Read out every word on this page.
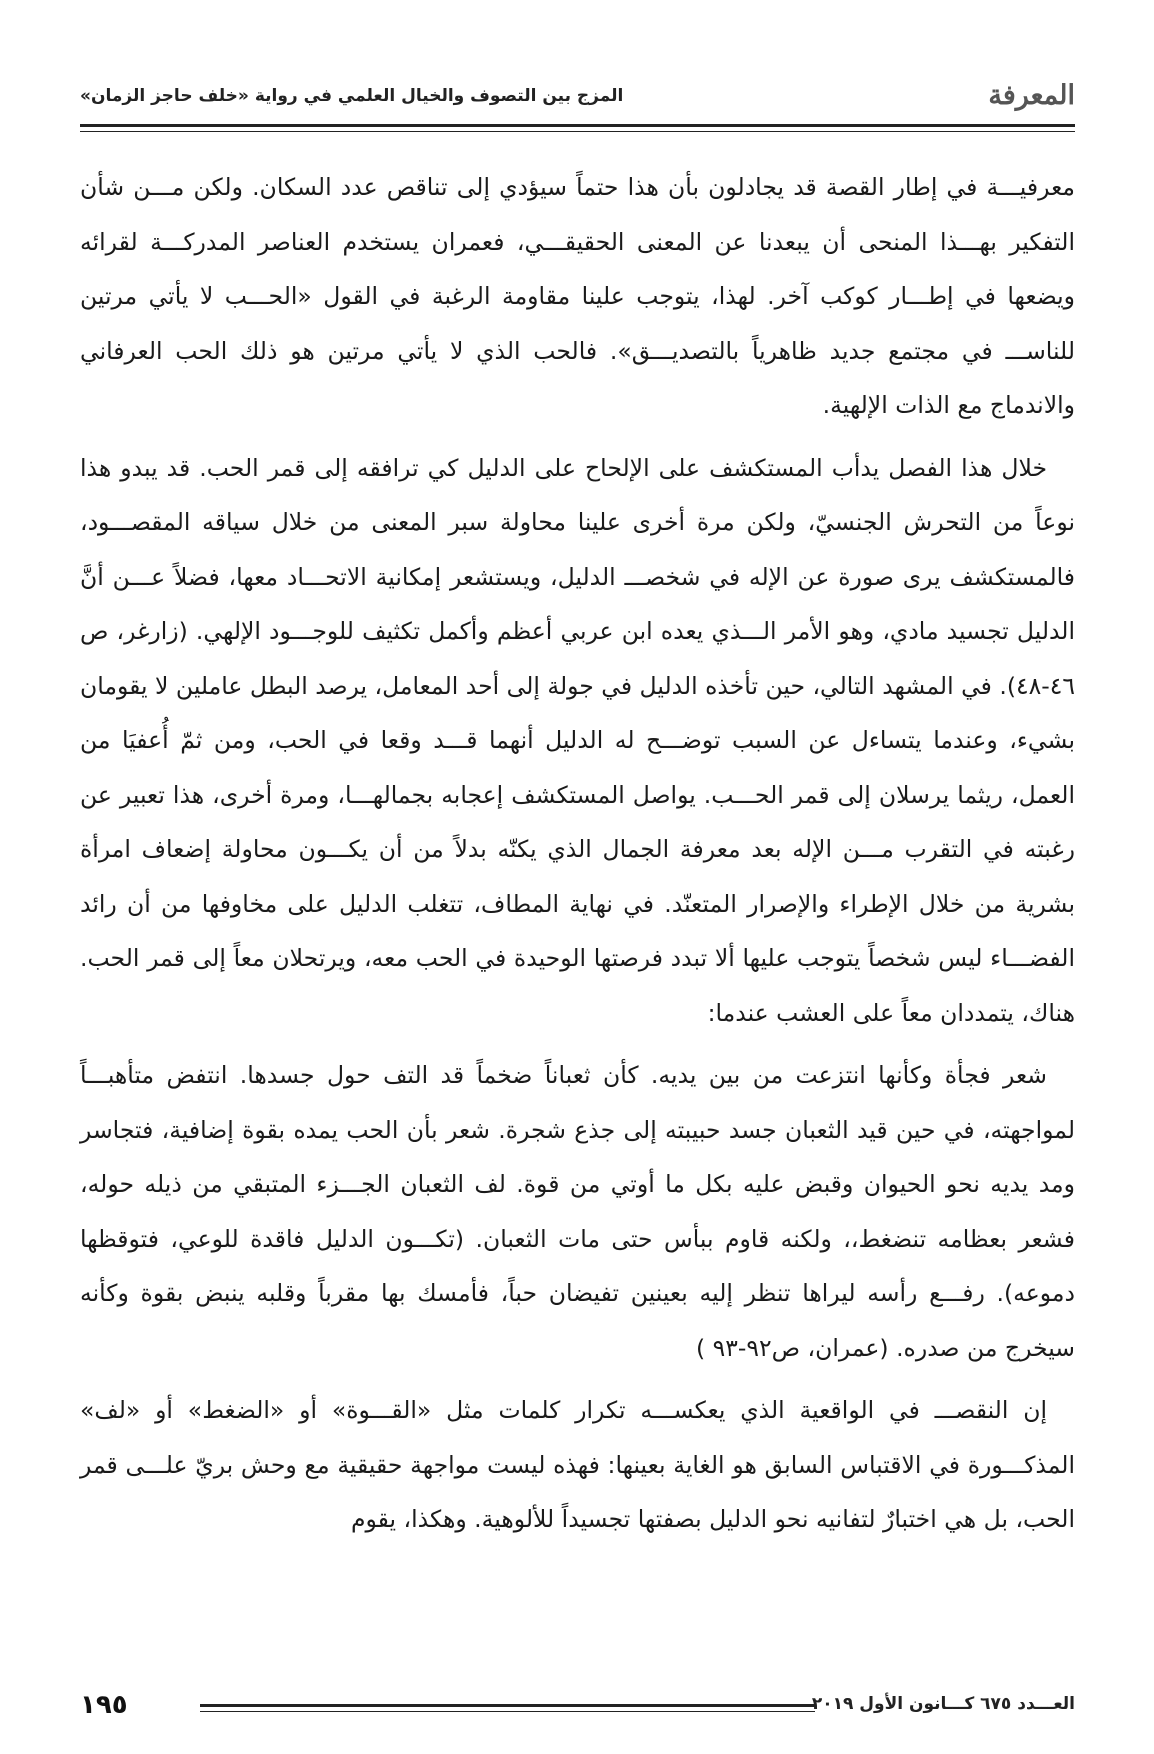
المعرفة
المزج بين التصوف والخيال العلمي في رواية «خلف حاجز الزمان»

معرفيـــة في إطار القصة قد يجادلون بأن هذا حتماً سيؤدي إلى تناقص عدد السكان. ولكن مـــن شأن التفكير بهـــذا المنحى أن يبعدنا عن المعنى الحقيقـــي، فعمران يستخدم العناصر المدركـــة لقرائه ويضعها في إطـــار كوكب آخر. لهذا، يتوجب علينا مقاومة الرغبة في القول «الحـــب لا يأتي مرتين للناســـ في مجتمع جديد ظاهرياً بالتصديـــق». فالحب الذي لا يأتي مرتين هو ذلك الحب العرفاني والاندماج مع الذات الإلهية.

خلال هذا الفصل يدأب المستكشف على الإلحاح على الدليل كي ترافقه إلى قمر الحب. قد يبدو هذا نوعاً من التحرش الجنسيّ، ولكن مرة أخرى علينا محاولة سبر المعنى من خلال سياقه المقصـــود، فالمستكشف يرى صورة عن الإله في شخصـــ الدليل، ويستشعر إمكانية الاتحـــاد معها، فضلاً عـــن أنَّ الدليل تجسيد مادي، وهو الأمر الـــذي يعده ابن عربي أعظم وأكمل تكثيف للوجـــود الإلهي. (زارغر، ص ٤٦-٤٨). في المشهد التالي، حين تأخذه الدليل في جولة إلى أحد المعامل، يرصد البطل عاملين لا يقومان بشيء، وعندما يتساءل عن السبب توضـــح له الدليل أنهما قـــد وقعا في الحب، ومن ثمّ أُعفيَا من العمل، ريثما يرسلان إلى قمر الحـــب. يواصل المستكشف إعجابه بجمالهـــا، ومرة أخرى، هذا تعبير عن رغبته في التقرب مـــن الإله بعد معرفة الجمال الذي يكنّه بدلاً من أن يكـــون محاولة إضعاف امرأة بشرية من خلال الإطراء والإصرار المتعنّد. في نهاية المطاف، تتغلب الدليل على مخاوفها من أن رائد الفضـــاء ليس شخصاً يتوجب عليها ألا تبدد فرصتها الوحيدة في الحب معه، ويرتحلان معاً إلى قمر الحب. هناك، يتمددان معاً على العشب عندما:

شعر فجأة وكأنها انتزعت من بين يديه. كأن ثعباناً ضخماً قد التف حول جسدها. انتفض متأهبـــاً لمواجهته، في حين قيد الثعبان جسد حبيبته إلى جذع شجرة. شعر بأن الحب يمده بقوة إضافية، فتجاسر ومد يديه نحو الحيوان وقبض عليه بكل ما أوتي من قوة. لف الثعبان الجـــزء المتبقي من ذيله حوله، فشعر بعظامه تنضغط،، ولكنه قاوم ببأس حتى مات الثعبان. (تكـــون الدليل فاقدة للوعي، فتوقظها دموعه). رفـــع رأسه ليراها تنظر إليه بعينين تفيضان حباً، فأمسك بها مقرباً وقلبه ينبض بقوة وكأنه سيخرج من صدره. (عمران، ص٩٢-٩٣ )

إن النقصـــ في الواقعية الذي يعكســـه تكرار كلمات مثل «القـــوة» أو «الضغط» أو «لف» المذكـــورة في الاقتباس السابق هو الغاية بعينها: فهذه ليست مواجهة حقيقية مع وحش بريّ علـــى قمر الحب، بل هي اختبارٌ لتفانيه نحو الدليل بصفتها تجسيداً للألوهية. وهكذا، يقوم

العـــدد ٦٧٥ كـــانون الأول ٢٠١٩
١٩٥
